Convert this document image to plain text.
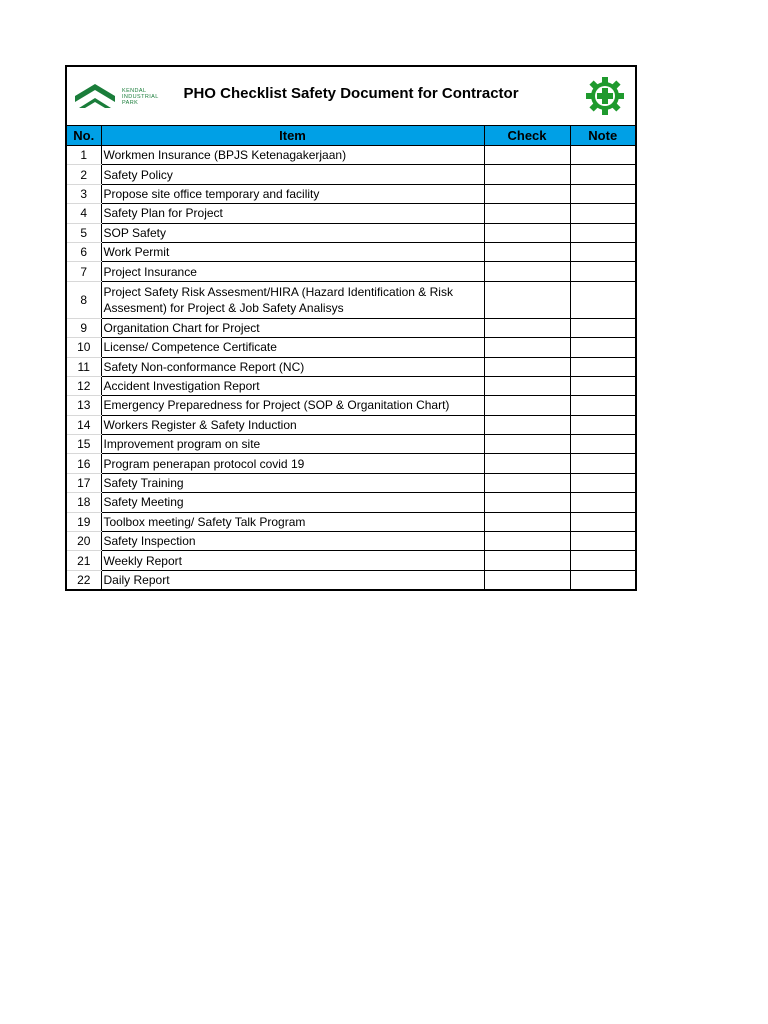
KENDAL
INDUSTRIAL
PARK
PHO Checklist Safety Document for Contractor
No.	Item	Check	Note
1	Workmen Insurance (BPJS Ketenagakerjaan)		
2	Safety Policy		
3	Propose site office temporary and facility		
4	Safety Plan for Project		
5	SOP Safety		
6	Work Permit		
7	Project Insurance		
8	Project Safety Risk Assesment/HIRA (Hazard Identification & Risk Assesment) for Project & Job Safety Analisys		
9	Organitation Chart for Project		
10	License/ Competence Certificate		
11	Safety Non-conformance Report (NC)		
12	Accident Investigation Report		
13	Emergency Preparedness for Project (SOP & Organitation Chart)		
14	Workers Register & Safety Induction		
15	Improvement program on site		
16	Program penerapan protocol covid 19		
17	Safety Training		
18	Safety Meeting		
19	Toolbox meeting/ Safety Talk Program		
20	Safety Inspection		
21	Weekly Report		
22	Daily Report		
